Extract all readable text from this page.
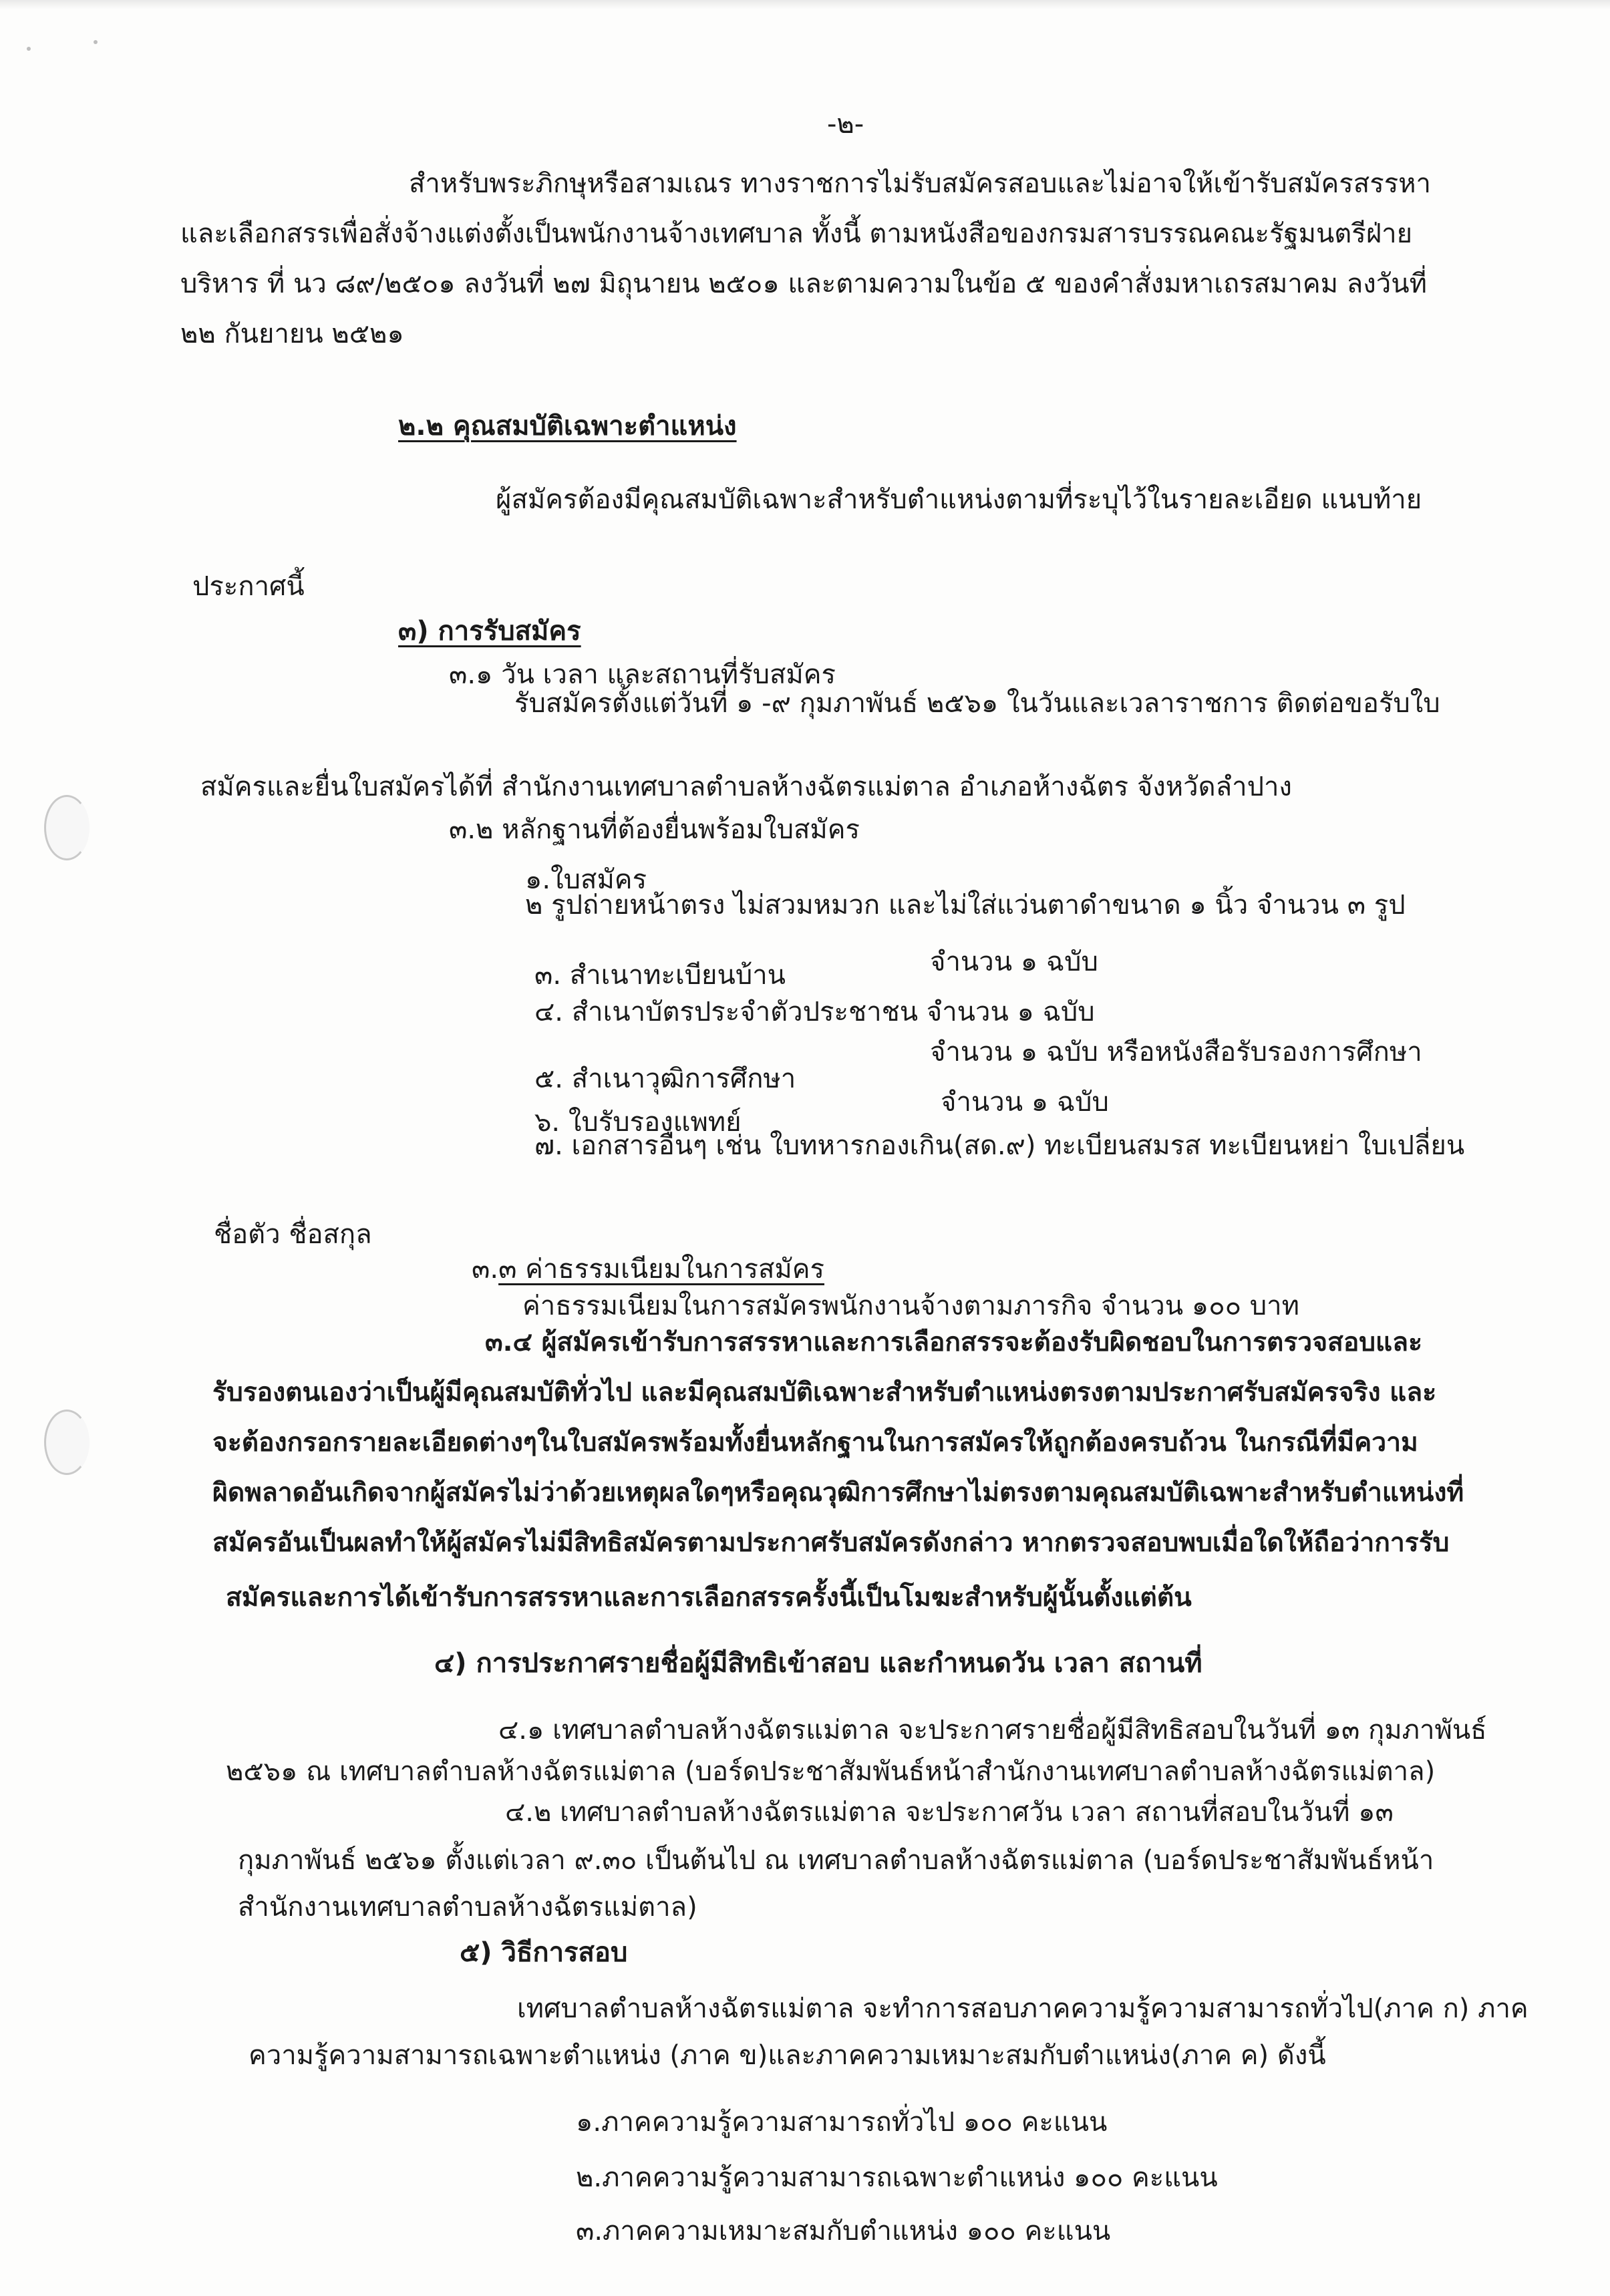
-๒-
สำหรับพระภิกษุหรือสามเณร ทางราชการไม่รับสมัครสอบและไม่อาจให้เข้ารับสมัครสรรหา
และเลือกสรรเพื่อสั่งจ้างแต่งตั้งเป็นพนักงานจ้างเทศบาล ทั้งนี้ ตามหนังสือของกรมสารบรรณคณะรัฐมนตรีฝ่าย
บริหาร ที่ นว ๘๙/๒๕๐๑ ลงวันที่ ๒๗ มิถุนายน ๒๕๐๑ และตามความในข้อ ๕ ของคำสั่งมหาเถรสมาคม ลงวันที่
๒๒ กันยายน ๒๕๒๑
๒.๒ คุณสมบัติเฉพาะตำแหน่ง
ผู้สมัครต้องมีคุณสมบัติเฉพาะสำหรับตำแหน่งตามที่ระบุไว้ในรายละเอียด แนบท้าย
ประกาศนี้
๓) การรับสมัคร
๓.๑ วัน เวลา และสถานที่รับสมัคร
รับสมัครตั้งแต่วันที่ ๑ -๙ กุมภาพันธ์ ๒๕๖๑ ในวันและเวลาราชการ ติดต่อขอรับใบ
สมัครและยื่นใบสมัครได้ที่ สำนักงานเทศบาลตำบลห้างฉัตรแม่ตาล อำเภอห้างฉัตร จังหวัดลำปาง
๓.๒ หลักฐานที่ต้องยื่นพร้อมใบสมัคร
๑.ใบสมัคร
๒ รูปถ่ายหน้าตรง ไม่สวมหมวก และไม่ใส่แว่นตาดำขนาด ๑ นิ้ว จำนวน ๓ รูป
๓. สำเนาทะเบียนบ้าน	จำนวน ๑ ฉบับ
๔. สำเนาบัตรประจำตัวประชาชน จำนวน ๑ ฉบับ
๕. สำเนาวุฒิการศึกษา
จำนวน ๑ ฉบับ หรือหนังสือรับรองการศึกษา
๖. ใบรับรองแพทย์
จำนวน ๑ ฉบับ
๗. เอกสารอื่นๆ เช่น ใบทหารกองเกิน(สด.๙) ทะเบียนสมรส ทะเบียนหย่า ใบเปลี่ยน
ชื่อตัว ชื่อสกุล
๓.๓ ค่าธรรมเนียมในการสมัคร
ค่าธรรมเนียมในการสมัครพนักงานจ้างตามภารกิจ จำนวน ๑๐๐ บาท
๓.๔ ผู้สมัครเข้ารับการสรรหาและการเลือกสรรจะต้องรับผิดชอบในการตรวจสอบและ
รับรองตนเองว่าเป็นผู้มีคุณสมบัติทั่วไป และมีคุณสมบัติเฉพาะสำหรับตำแหน่งตรงตามประกาศรับสมัครจริง และ
จะต้องกรอกรายละเอียดต่างๆในใบสมัครพร้อมทั้งยื่นหลักฐานในการสมัครให้ถูกต้องครบถ้วน ในกรณีที่มีความ
ผิดพลาดอันเกิดจากผู้สมัครไม่ว่าด้วยเหตุผลใดๆหรือคุณวุฒิการศึกษาไม่ตรงตามคุณสมบัติเฉพาะสำหรับตำแหน่งที่
สมัครอันเป็นผลทำให้ผู้สมัครไม่มีสิทธิสมัครตามประกาศรับสมัครดังกล่าว หากตรวจสอบพบเมื่อใดให้ถือว่าการรับ
สมัครและการได้เข้ารับการสรรหาและการเลือกสรรครั้งนี้เป็นโมฆะสำหรับผู้นั้นตั้งแต่ต้น
๔) การประกาศรายชื่อผู้มีสิทธิเข้าสอบ และกำหนดวัน เวลา สถานที่
๔.๑ เทศบาลตำบลห้างฉัตรแม่ตาล จะประกาศรายชื่อผู้มีสิทธิสอบในวันที่ ๑๓ กุมภาพันธ์
๒๕๖๑ ณ เทศบาลตำบลห้างฉัตรแม่ตาล (บอร์ดประชาสัมพันธ์หน้าสำนักงานเทศบาลตำบลห้างฉัตรแม่ตาล)
๔.๒ เทศบาลตำบลห้างฉัตรแม่ตาล จะประกาศวัน เวลา สถานที่สอบในวันที่ ๑๓
กุมภาพันธ์ ๒๕๖๑ ตั้งแต่เวลา ๙.๓๐ เป็นต้นไป ณ เทศบาลตำบลห้างฉัตรแม่ตาล (บอร์ดประชาสัมพันธ์หน้า
สำนักงานเทศบาลตำบลห้างฉัตรแม่ตาล)
๕) วิธีการสอบ
เทศบาลตำบลห้างฉัตรแม่ตาล จะทำการสอบภาคความรู้ความสามารถทั่วไป(ภาค ก) ภาค
ความรู้ความสามารถเฉพาะตำแหน่ง (ภาค ข)และภาคความเหมาะสมกับตำแหน่ง(ภาค ค) ดังนี้
๑.ภาคความรู้ความสามารถทั่วไป ๑๐๐ คะแนน
๒.ภาคความรู้ความสามารถเฉพาะตำแหน่ง ๑๐๐ คะแนน
๓.ภาคความเหมาะสมกับตำแหน่ง ๑๐๐ คะแนน
